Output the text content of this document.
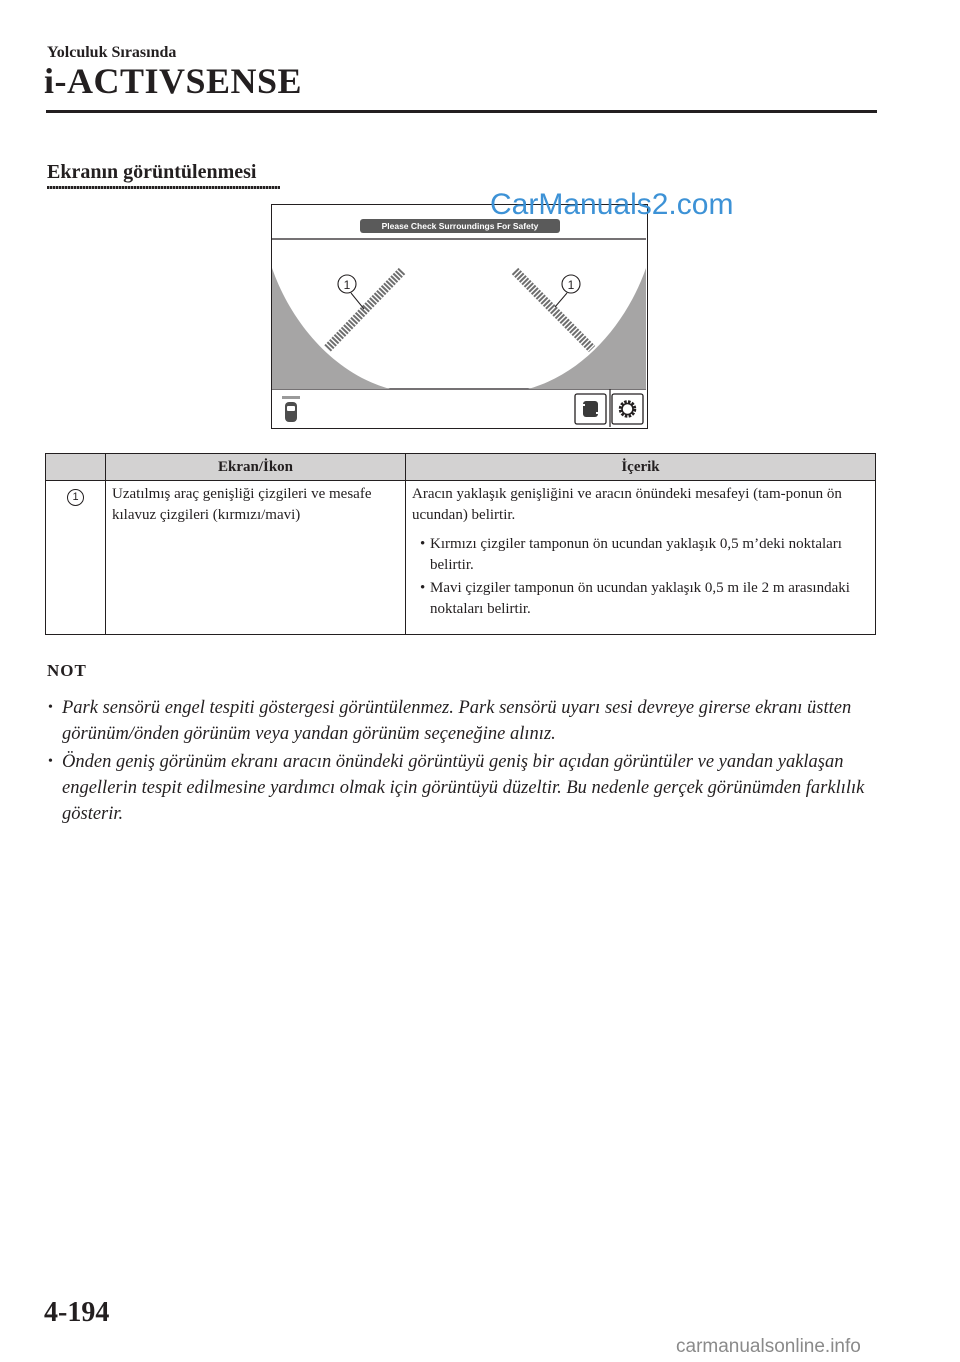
Yolculuk Sırasında
i-ACTIVSENSE
Ekranın görüntülenmesi
1	1
Please Check Surroundings For Safety
CarManuals2.com
	Ekran/İkon	İçerik
1	Uzatılmış araç genişliği çizgileri ve mesafe kılavuz çizgileri (kırmızı/mavi)	Aracın yaklaşık genişliğini ve aracın önündeki mesafeyi (tam-ponun ön ucundan) belirtir.
• Kırmızı çizgiler tamponun ön ucundan yaklaşık 0,5 m’deki noktaları belirtir.
• Mavi çizgiler tamponun ön ucundan yaklaşık 0,5 m ile 2 m arasındaki noktaları belirtir.
NOT
• Park sensörü engel tespiti göstergesi görüntülenmez. Park sensörü uyarı sesi devreye girerse ekranı üstten görünüm/önden görünüm veya yandan görünüm seçeneğine alınız.
• Önden geniş görünüm ekranı aracın önündeki görüntüyü geniş bir açıdan görüntüler ve yandan yaklaşan engellerin tespit edilmesine yardımcı olmak için görüntüyü düzeltir. Bu nedenle gerçek görünümden farklılık gösterir.
4-194
carmanualsonline.info
